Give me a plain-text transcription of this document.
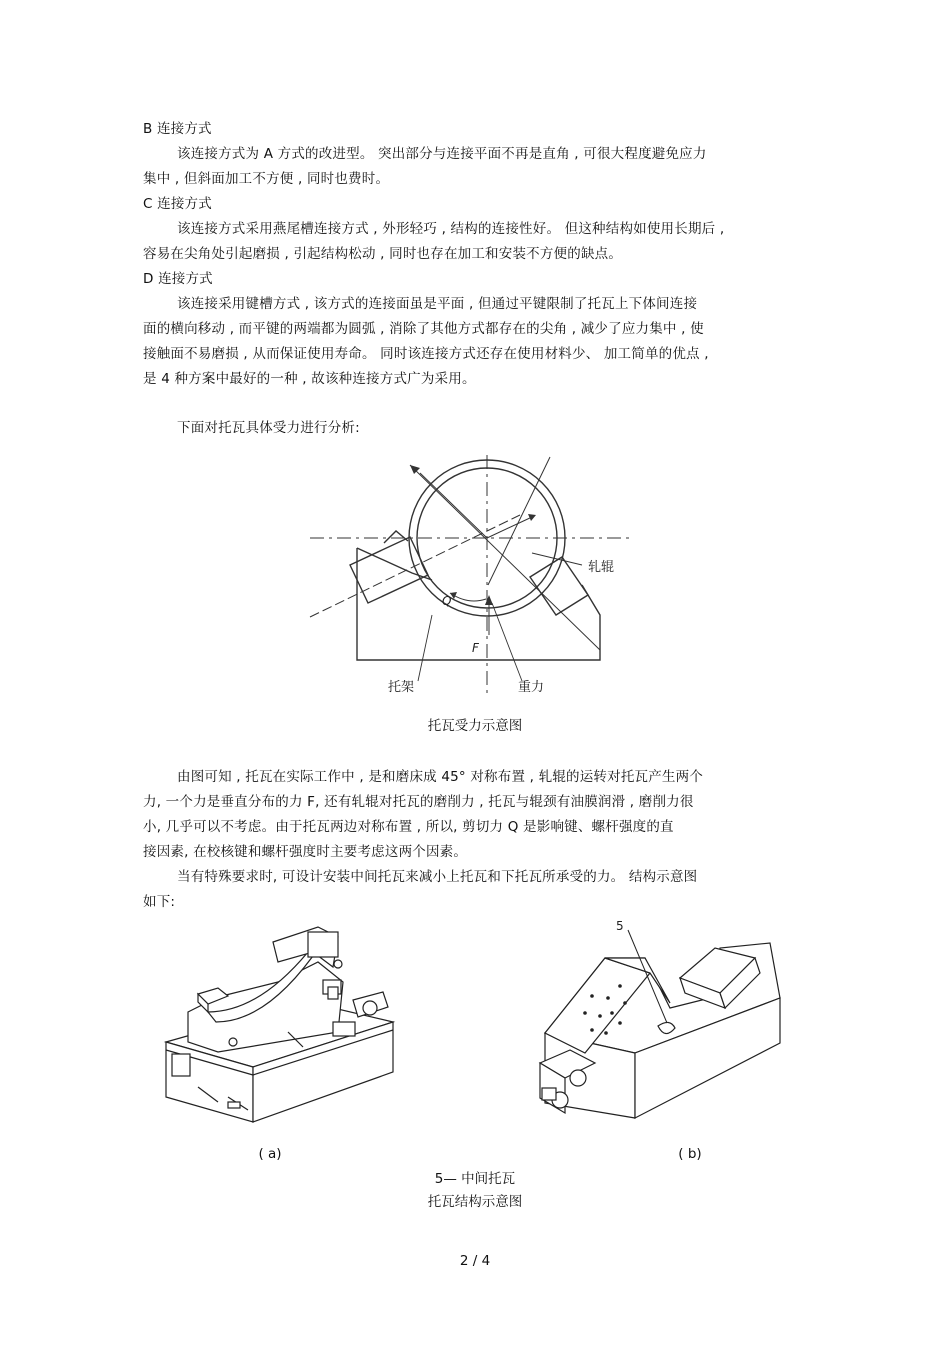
B 连接方式
该连接方式为 A 方式的改进型。 突出部分与连接平面不再是直角 , 可很大程度避免应力
集中 , 但斜面加工不方便 , 同时也费时。
C 连接方式
该连接方式采用燕尾槽连接方式 , 外形轻巧 , 结构的连接性好。 但这种结构如使用长期后 ,
容易在尖角处引起磨损 , 引起结构松动 , 同时也存在加工和安装不方便的缺点。
D 连接方式
该连接采用键槽方式 , 该方式的连接面虽是平面 , 但通过平键限制了托瓦上下体间连接
面的横向移动 , 而平键的两端都为圆弧 , 消除了其他方式都存在的尖角 , 减少了应力集中 , 使
接触面不易磨损 , 从而保证使用寿命。 同时该连接方式还存在使用材料少、 加工简单的优点 ,
是 4 种方案中最好的一种 , 故该种连接方式广为采用。
下面对托瓦具体受力进行分析:
轧辊
Q
F
托架	重力
托瓦受力示意图
由图可知 , 托瓦在实际工作中 , 是和磨床成 45° 对称布置 , 轧辊的运转对托瓦产生两个
力, 一个力是垂直分布的力 F, 还有轧辊对托瓦的磨削力 , 托瓦与辊颈有油膜润滑 , 磨削力很
小, 几乎可以不考虑。由于托瓦两边对称布置 , 所以, 剪切力 Q 是影响键、螺杆强度的直
接因素, 在校核键和螺杆强度时主要考虑这两个因素。
当有特殊要求时, 可设计安装中间托瓦来减小上托瓦和下托瓦所承受的力。 结构示意图
如下:
5
( a)	( b)
5— 中间托瓦
托瓦结构示意图
2 / 4
